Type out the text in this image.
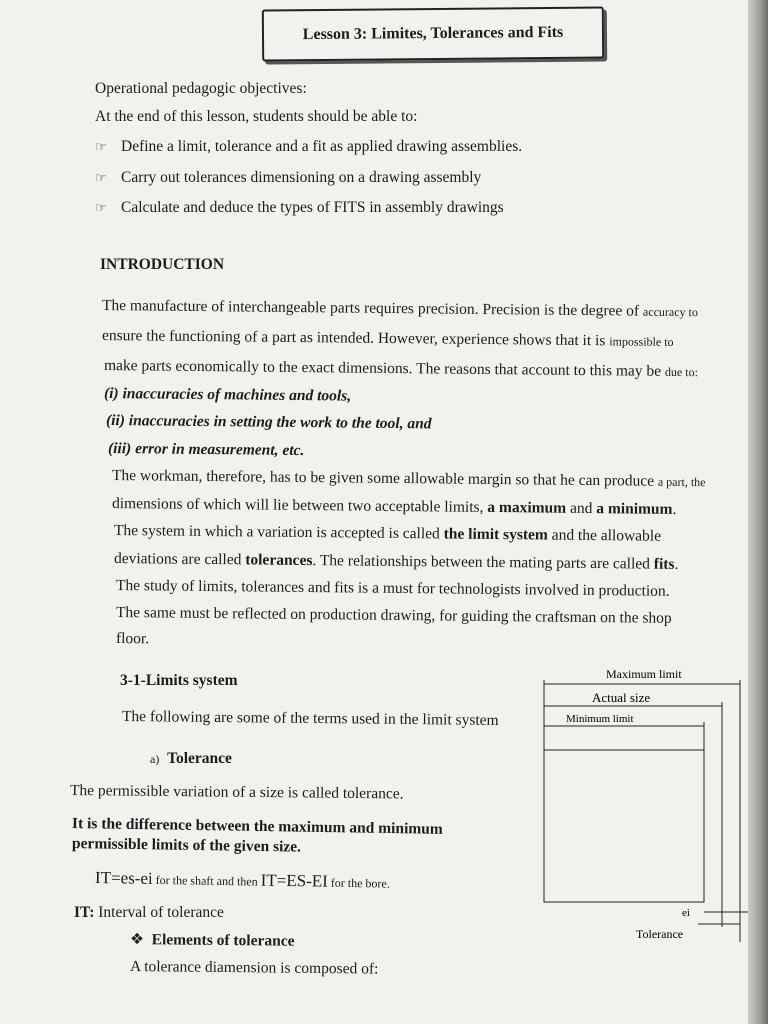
Lesson 3: Limites, Tolerances and Fits
Operational pedagogic objectives:
At the end of this lesson, students should be able to:
☞ Define a limit, tolerance and a fit as applied drawing assemblies.
☞ Carry out tolerances dimensioning on a drawing assembly
☞ Calculate and deduce the types of FITS in assembly drawings
INTRODUCTION
The manufacture of interchangeable parts requires precision. Precision is the degree of accuracy to
ensure the functioning of a part as intended. However, experience shows that it is impossible to
make parts economically to the exact dimensions. The reasons that account to this may be due to:
(i) inaccuracies of machines and tools,
(ii) inaccuracies in setting the work to the tool, and
(iii) error in measurement, etc.
The workman, therefore, has to be given some allowable margin so that he can produce a part, the
dimensions of which will lie between two acceptable limits, a maximum and a minimum.
The system in which a variation is accepted is called the limit system and the allowable
deviations are called tolerances. The relationships between the mating parts are called fits.
The study of limits, tolerances and fits is a must for technologists involved in production.
The same must be reflected on production drawing, for guiding the craftsman on the shop
floor.
3-1-Limits system
The following are some of the terms used in the limit system
a) Tolerance
The permissible variation of a size is called tolerance.
It is the difference between the maximum and minimum
permissible limits of the given size.
IT=es-ei for the shaft and then IT=ES-EI for the bore.
IT: Interval of tolerance
❖ Elements of tolerance
A tolerance diamension is composed of:
Maximum limit
Actual size
Minimum limit
ei
Tolerance
